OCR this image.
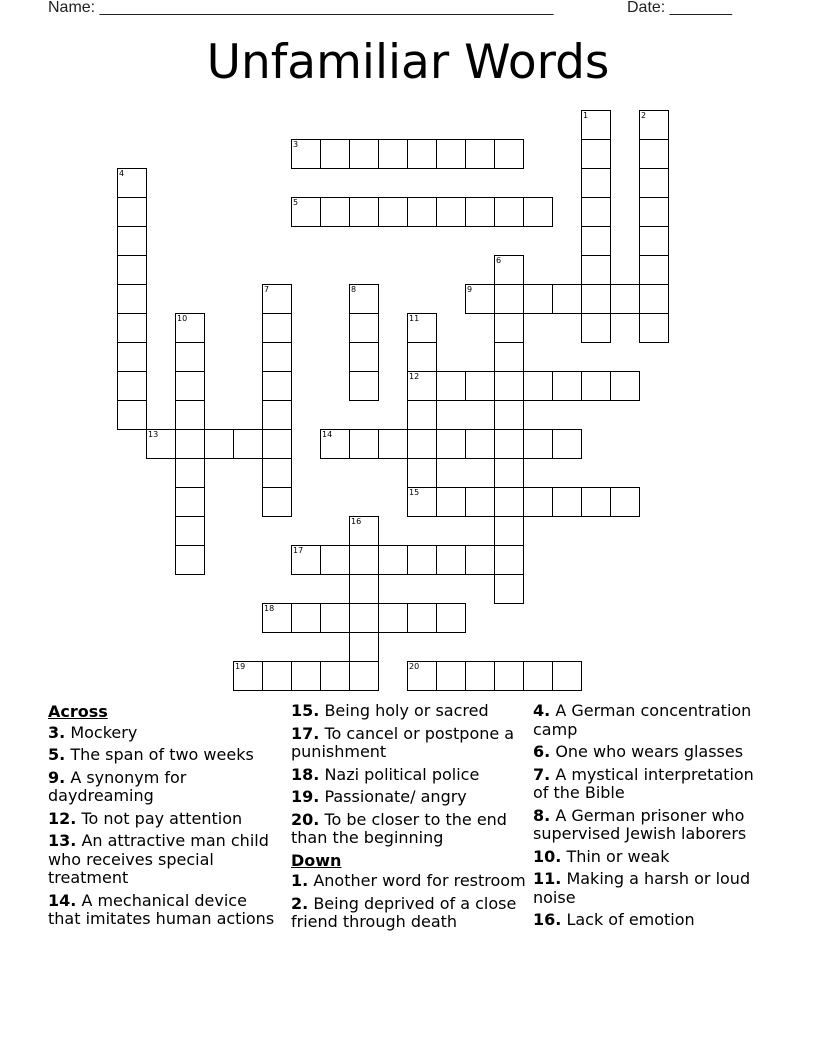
Name: ___________________________________________________	Date: _______
Unfamiliar Words
1	2
3
4
5
6
7	8	9
10	11
12
13	14
15
16
17
18
19	20
Across
3. Mockery
5. The span of two weeks
9. A synonym for daydreaming
12. To not pay attention
13. An attractive man child who receives special treatment
14. A mechanical device that imitates human actions
15. Being holy or sacred
17. To cancel or postpone a punishment
18. Nazi political police
19. Passionate/ angry
20. To be closer to the end than the beginning
Down
1. Another word for restroom
2. Being deprived of a close friend through death
4. A German concentration camp
6. One who wears glasses
7. A mystical interpretation of the Bible
8. A German prisoner who supervised Jewish laborers
10. Thin or weak
11. Making a harsh or loud noise
16. Lack of emotion
